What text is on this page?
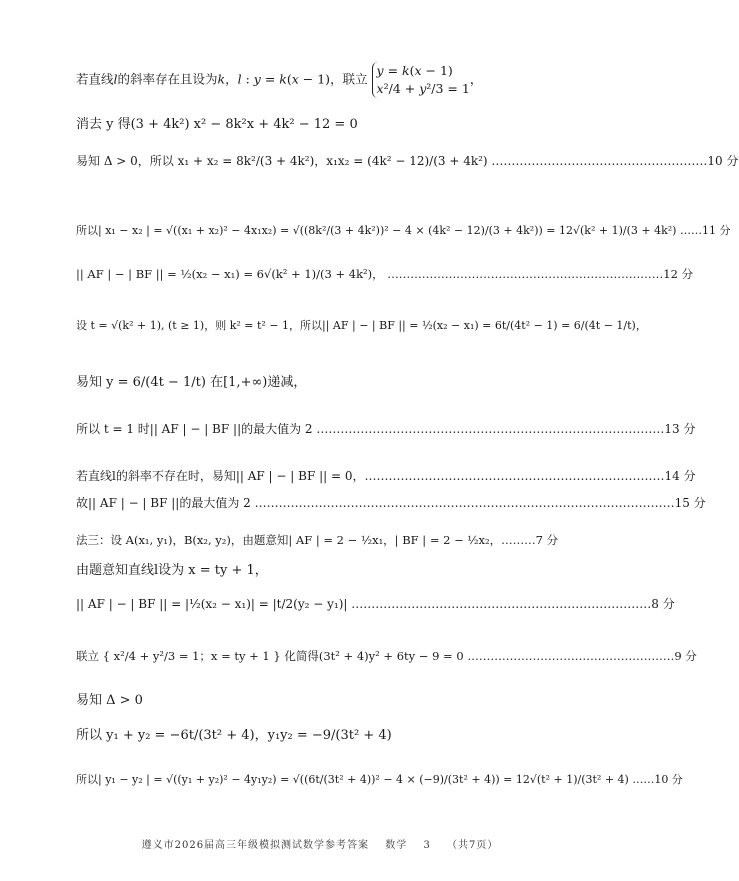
若直线l的斜率存在且设为k，l : y = k(x − 1)，联立 y = k(x − 1)
x²/4 + y²/3 = 1，
消去 y 得(3 + 4k²) x² − 8k²x + 4k² − 12 = 0
易知 Δ > 0，所以 x₁ + x₂ = 8k²/(3 + 4k²)，x₁x₂ = (4k² − 12)/(3 + 4k²) ………………………………………………10 分
所以| x₁ − x₂ | = √((x₁ + x₂)² − 4x₁x₂) = √((8k²/(3 + 4k²))² − 4 × (4k² − 12)/(3 + 4k²)) = 12√(k² + 1)/(3 + 4k²) ……11 分
|| AF | − | BF || = ½(x₂ − x₁) = 6√(k² + 1)/(3 + 4k²)， ………………………………………………………………12 分
设 t = √(k² + 1), (t ≥ 1)，则 k² = t² − 1，所以|| AF | − | BF || = ½(x₂ − x₁) = 6t/(4t² − 1) = 6/(4t − 1/t)，
易知 y = 6/(4t − 1/t) 在[1,+∞)递减，
所以 t = 1 时|| AF | − | BF ||的最大值为 2 ……………………………………………………………………………13 分
若直线l的斜率不存在时，易知|| AF | − | BF || = 0，…………………………………………………………………14 分
故|| AF | − | BF ||的最大值为 2 ……………………………………………………………………………………………15 分
法三：设 A(x₁, y₁)，B(x₂, y₂)，由题意知| AF | = 2 − ½x₁，| BF | = 2 − ½x₂，………7 分
由题意知直线l设为 x = ty + 1，
|| AF | − | BF || = |½(x₂ − x₁)| = |t/2(y₂ − y₁)| …………………………………………………………………8 分
联立 { x²/4 + y²/3 = 1；x = ty + 1 } 化简得(3t² + 4)y² + 6ty − 9 = 0 ………………………………………………9 分
易知 Δ > 0
所以 y₁ + y₂ = −6t/(3t² + 4)，y₁y₂ = −9/(3t² + 4)
所以| y₁ − y₂ | = √((y₁ + y₂)² − 4y₁y₂) = √((6t/(3t² + 4))² − 4 × (−9)/(3t² + 4)) = 12√(t² + 1)/(3t² + 4) ……10 分
遵义市2026届高三年级模拟测试数学参考答案 数学 3 （共7页）
